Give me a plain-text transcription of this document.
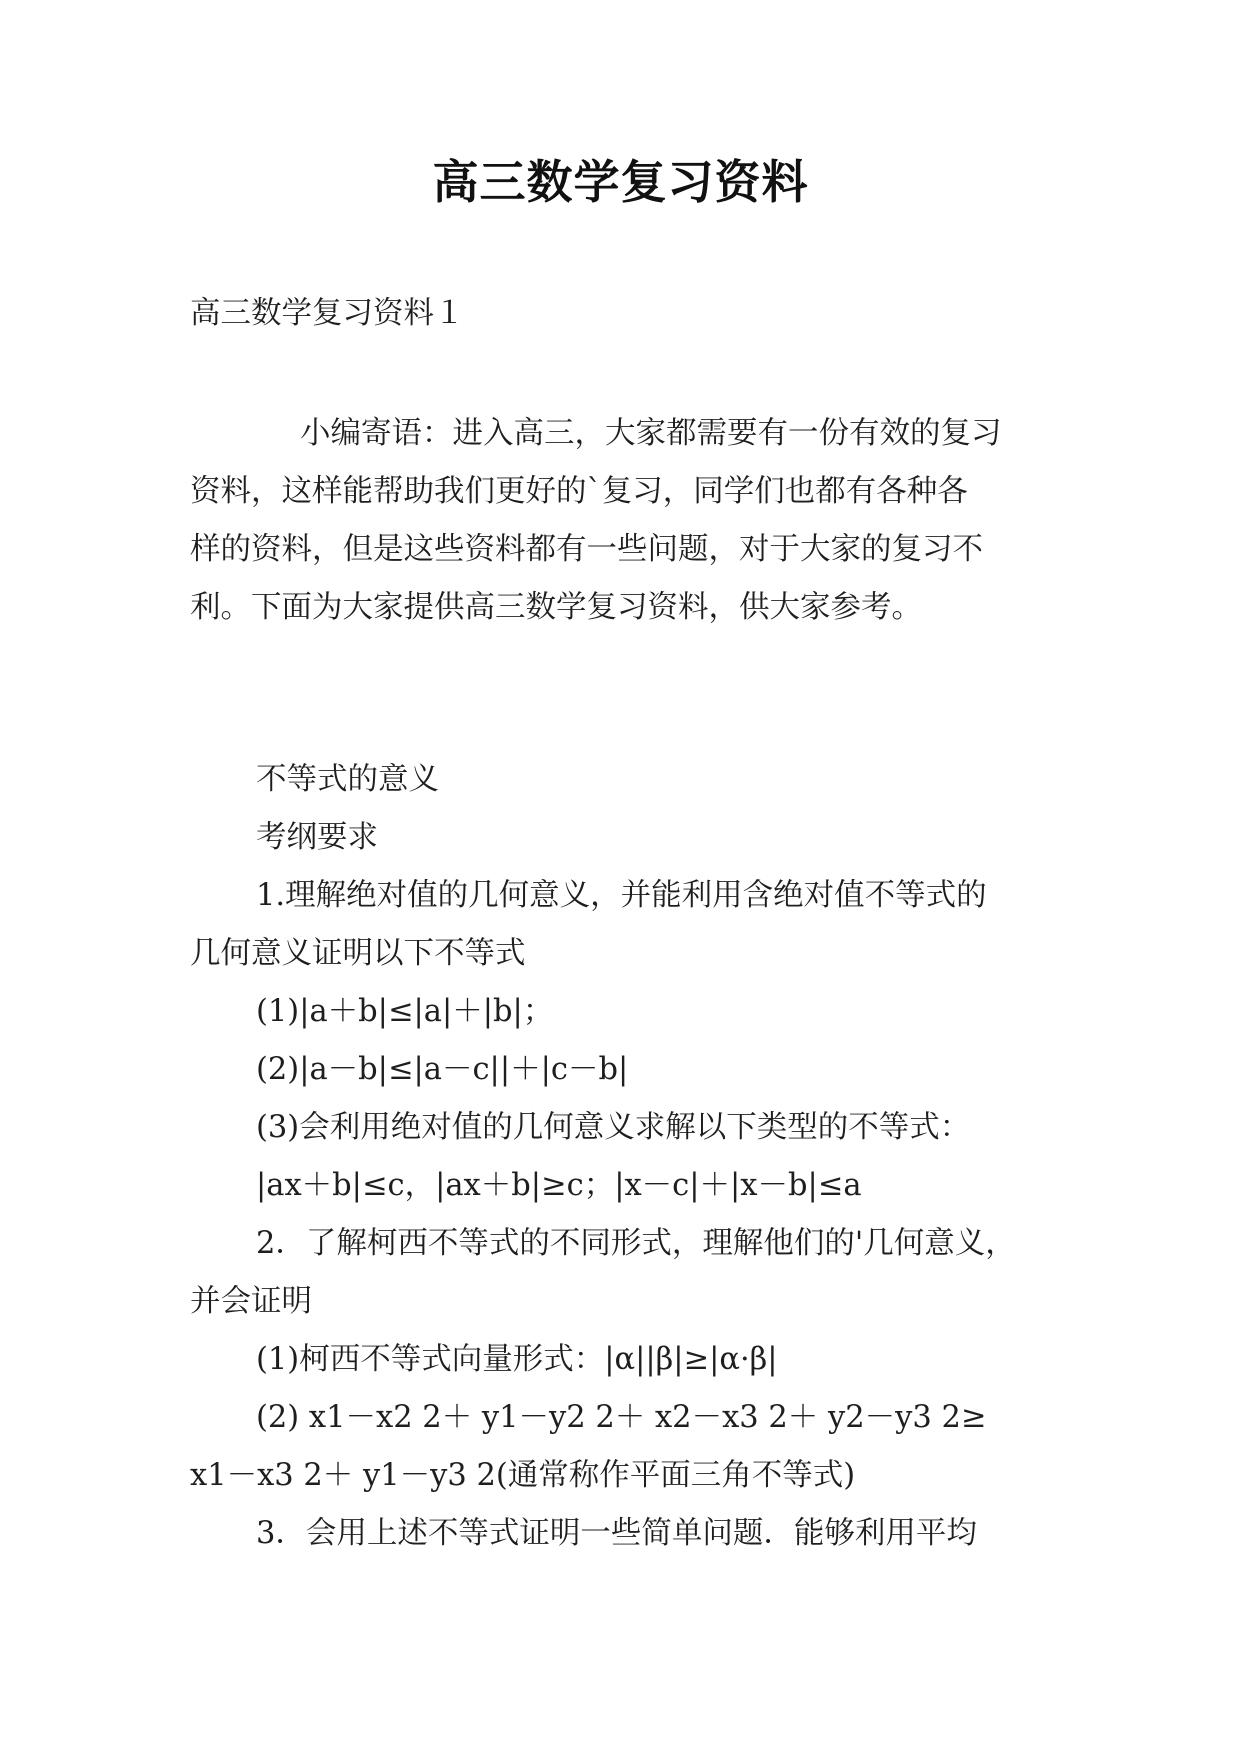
高三数学复习资料
高三数学复习资料１
小编寄语：进入高三，大家都需要有一份有效的复习
资料，这样能帮助我们更好的`复习，同学们也都有各种各
样的资料，但是这些资料都有一些问题，对于大家的复习不
利。下面为大家提供高三数学复习资料，供大家参考。
不等式的意义
考纲要求
1.理解绝对值的几何意义，并能利用含绝对值不等式的
几何意义证明以下不等式
(1)|a＋b|≤|a|＋|b|；
(2)|a－b|≤|a－c||＋|c－b|
(3)会利用绝对值的几何意义求解以下类型的不等式：
|ax＋b|≤c，|ax＋b|≥c；|x－c|＋|x－b|≤a
2．了解柯西不等式的不同形式，理解他们的'几何意义，
并会证明
(1)柯西不等式向量形式：|α||β|≥|α·β|
(2) x1－x2 2＋ y1－y2 2＋ x2－x3 2＋ y2－y3 2≥
x1－x3 2＋ y1－y3 2(通常称作平面三角不等式)
3．会用上述不等式证明一些简单问题．能够利用平均
